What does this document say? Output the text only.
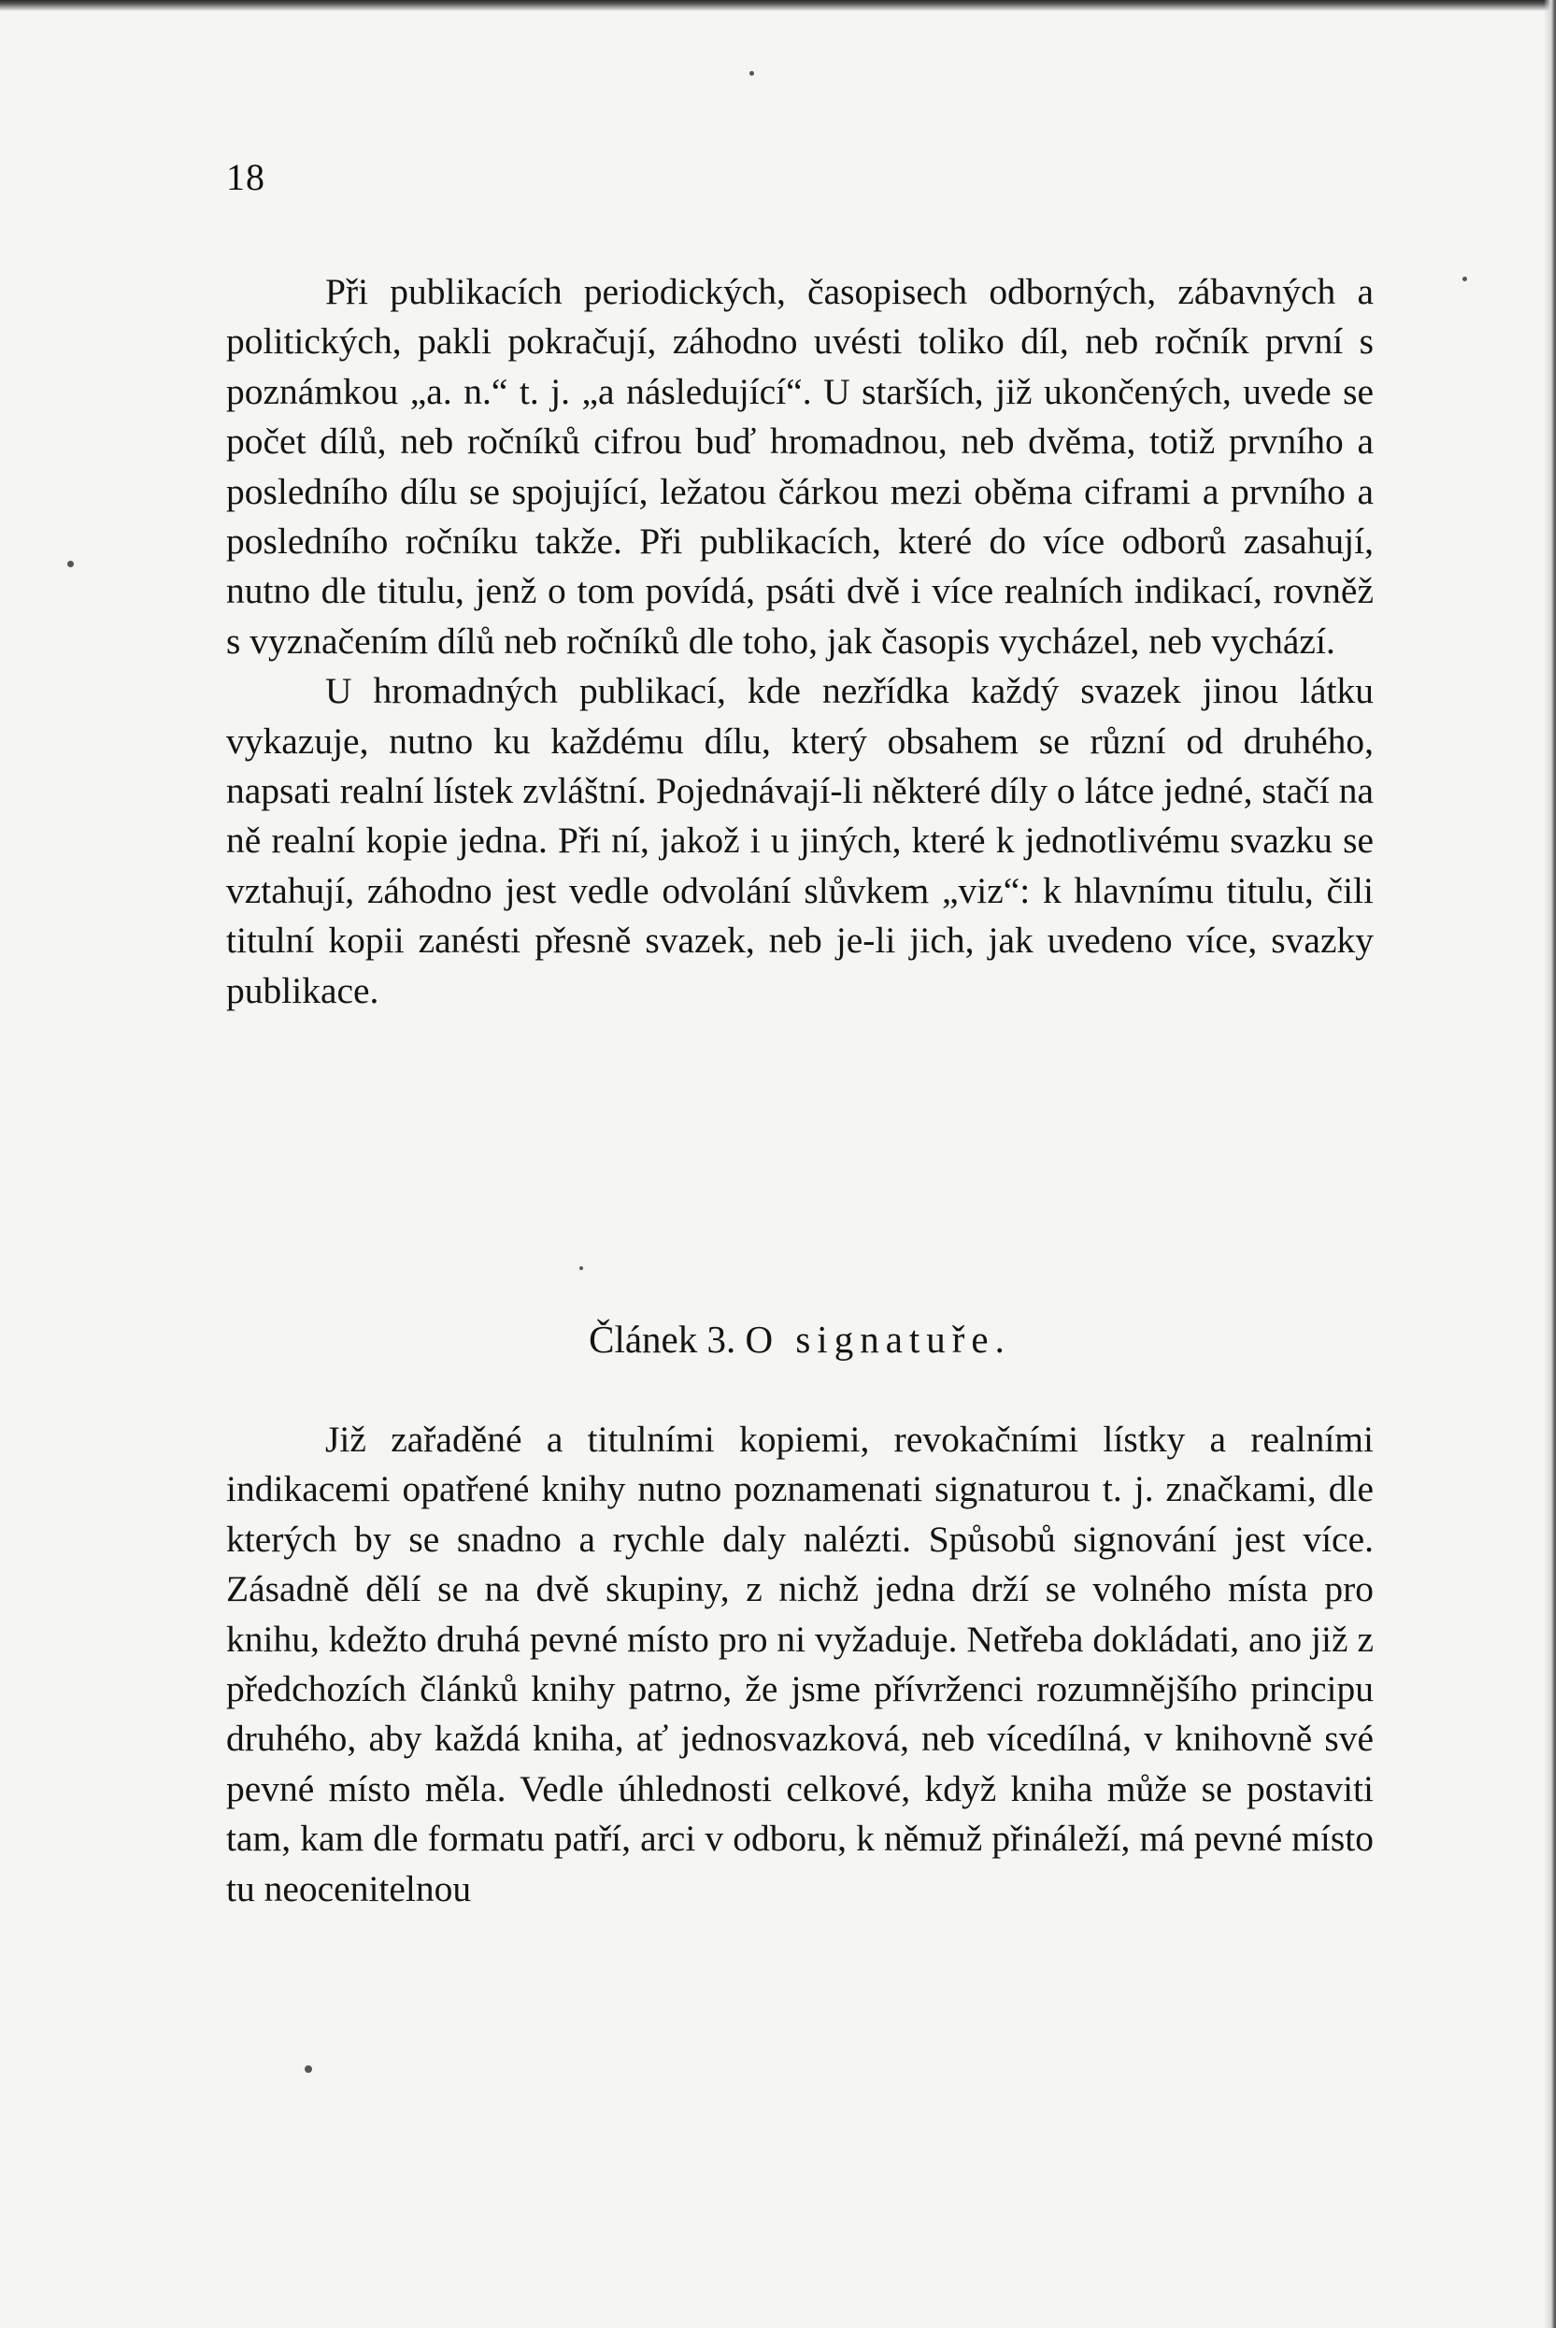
18

Při publikacích periodických, časopisech odborných, zábavných a politických, pakli pokračují, záhodno uvésti toliko díl, neb ročník první s poznámkou „a. n.“ t. j. „a následující“. U starších, již ukončených, uvede se počet dílů, neb ročníků cifrou buď hromadnou, neb dvěma, totiž prvního a posledního dílu se spojující, ležatou čárkou mezi oběma ciframi a prvního a posledního ročníku takže. Při publikacích, které do více odborů zasahují, nutno dle titulu, jenž o tom povídá, psáti dvě i více realních indikací, rovněž s vyznačením dílů neb ročníků dle toho, jak časopis vycházel, neb vychází.

U hromadných publikací, kde nezřídka každý svazek jinou látku vykazuje, nutno ku každému dílu, který obsahem se různí od druhého, napsati realní lístek zvláštní. Pojednávají-li některé díly o látce jedné, stačí na ně realní kopie jedna. Při ní, jakož i u jiných, které k jednotlivému svazku se vztahují, záhodno jest vedle odvolání slůvkem „viz“: k hlavnímu titulu, čili titulní kopii zanésti přesně svazek, neb je-li jich, jak uvedeno více, svazky publikace.

Článek 3. O signatuře.

Již zařaděné a titulními kopiemi, revokačními lístky a realními indikacemi opatřené knihy nutno poznamenati signaturou t. j. značkami, dle kterých by se snadno a rychle daly nalézti. Spůsobů signování jest více. Zásadně dělí se na dvě skupiny, z nichž jedna drží se volného místa pro knihu, kdežto druhá pevné místo pro ni vyžaduje. Netřeba dokládati, ano již z předchozích článků knihy patrno, že jsme přívrženci rozumnějšího principu druhého, aby každá kniha, ať jednosvazková, neb vícedílná, v knihovně své pevné místo měla. Vedle úhlednosti celkové, když kniha může se postaviti tam, kam dle formatu patří, arci v odboru, k němuž přináleží, má pevné místo tu neocenitelnou
